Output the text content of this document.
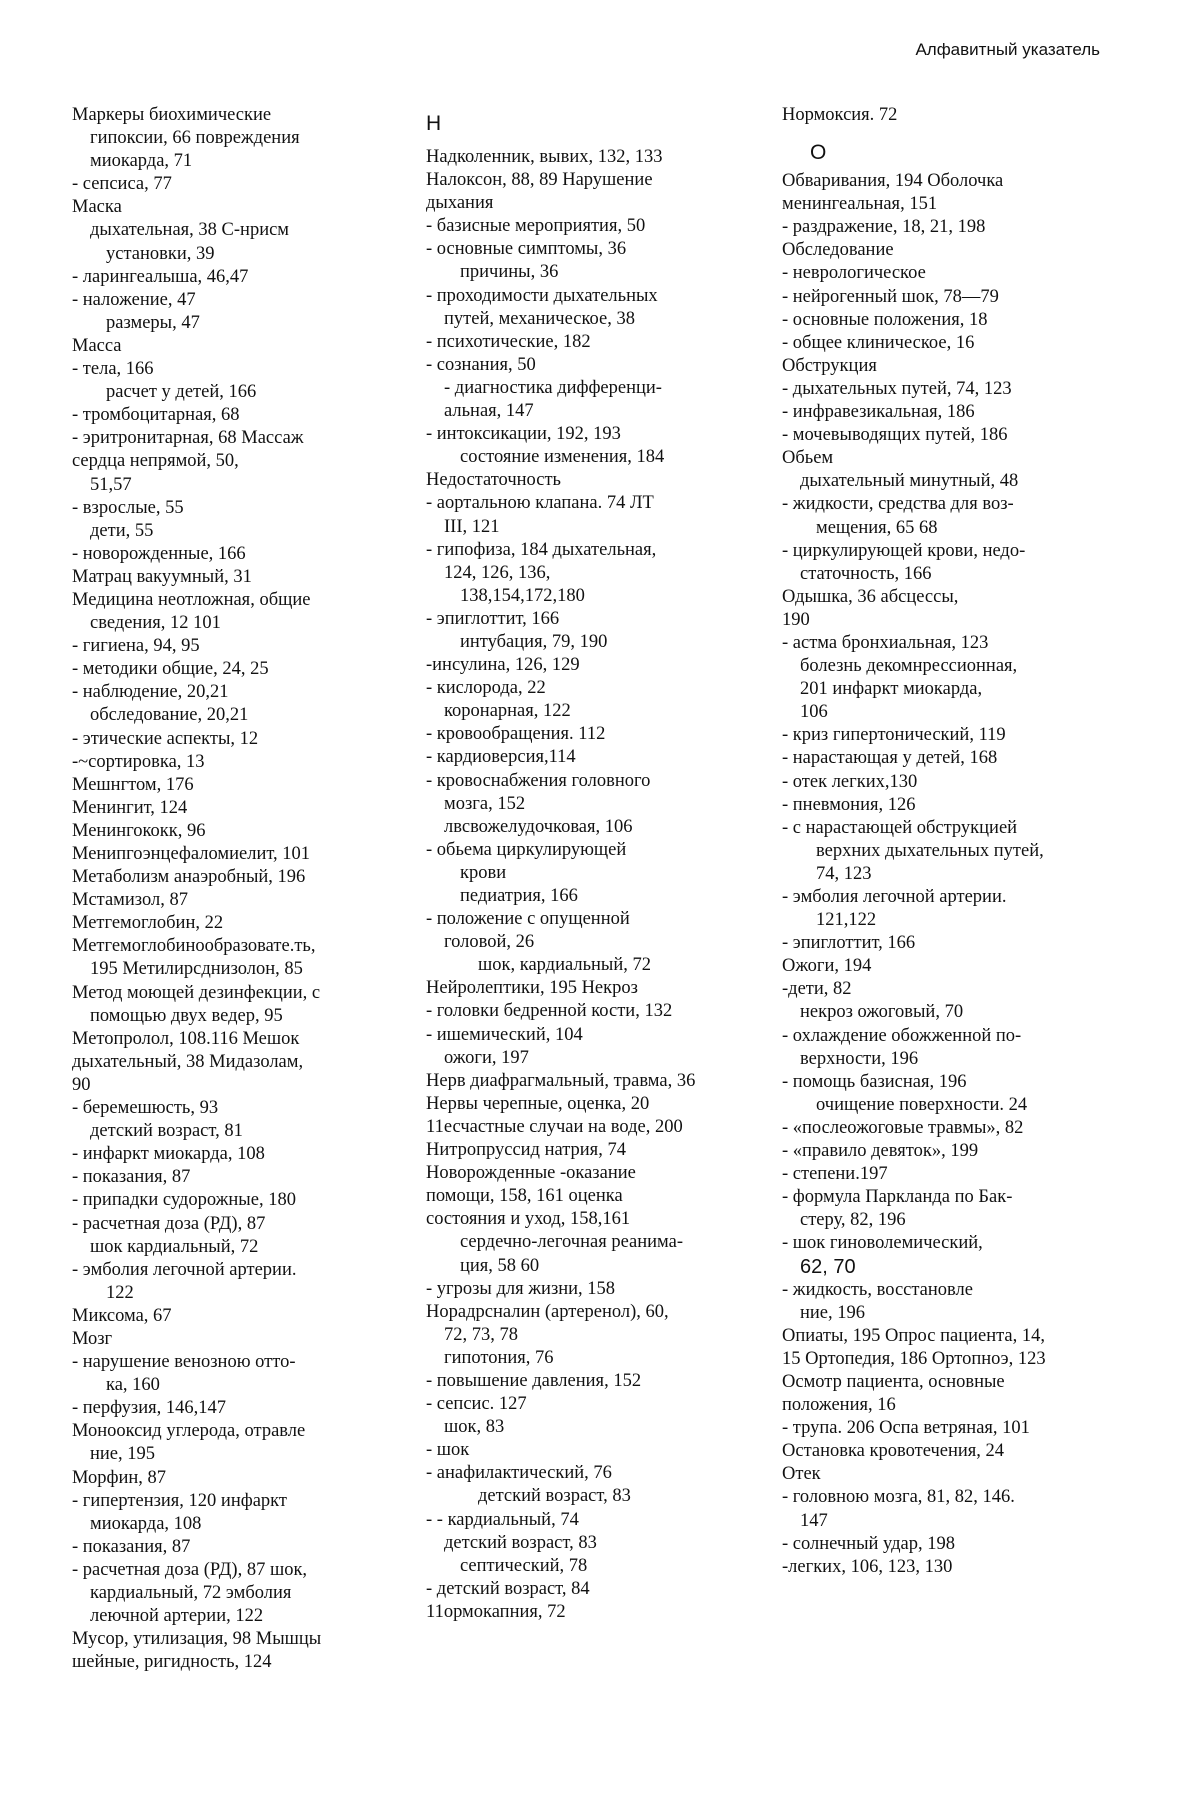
Алфавитный указатель
Маркеры биохимические
гипоксии, 66 повреждения
миокарда, 71
- сепсиса, 77
Маска
дыхательная, 38 С-нрисм
установки, 39
- ларингеалыша, 46,47
- наложение, 47
размеры, 47
Масса
- тела, 166
расчет у детей, 166
- тромбоцитарная, 68
- эритронитарная, 68 Массаж
сердца непрямой, 50,
51,57
- взрослые, 55
дети, 55
- новорожденные, 166
Матрац вакуумный, 31
Медицина неотложная, общие
сведения, 12 101
- гигиена, 94, 95
- методики общие, 24, 25
- наблюдение, 20,21
обследование, 20,21
- этические аспекты, 12
-~сортировка, 13
Мешнгтом, 176
Менингит, 124
Менингококк, 96
Менипгоэнцефаломиелит, 101
Метаболизм анаэробный, 196
Мстамизол, 87
Метгемоглобин, 22
Метгемоглобинообразовате.ть,
195 Метилирсднизолон, 85
Метод моющей дезинфекции, с
помощью двух ведер, 95
Метопролол, 108.116 Мешок
дыхательный, 38 Мидазолам,
90
- беремешюсть, 93
детский возраст, 81
- инфаркт миокарда, 108
- показания, 87
- припадки судорожные, 180
- расчетная доза (РД), 87
шок кардиальный, 72
- эмболия легочной артерии.
122
Миксома, 67
Мозг
- нарушение венозною отто-
ка, 160
- перфузия, 146,147
Монооксид углерода, отравле
ние, 195
Морфин, 87
- гипертензия, 120 инфаркт
миокарда, 108
- показания, 87
- расчетная доза (РД), 87 шок,
кардиальный, 72 эмболия
леючной артерии, 122
Мусор, утилизация, 98 Мышцы
шейные, ригидность, 124
Н
Надколенник, вывих, 132, 133
Налоксон, 88, 89 Нарушение
дыхания
- базисные мероприятия, 50
- основные симптомы, 36
причины, 36
- проходимости дыхательных
путей, механическое, 38
- психотические, 182
- сознания, 50
- диагностика дифференци-
альная, 147
- интоксикации, 192, 193
состояние изменения, 184
Недостаточность
- аортальною клапана. 74 ЛТ
III, 121
- гипофиза, 184 дыхательная,
124, 126, 136,
138,154,172,180
- эпиглоттит, 166
интубация, 79, 190
-инсулина, 126, 129
- кислорода, 22
коронарная, 122
- кровообращения. 112
- кардиоверсия,114
- кровоснабжения головного
мозга, 152
лвсвожелудочковая, 106
- обьема циркулирующей
крови
педиатрия, 166
- положение с опущенной
головой, 26
шок, кардиальный, 72
Нейролептики, 195 Некроз
- головки бедренной кости, 132
- ишемический, 104
ожоги, 197
Нерв диафрагмальный, травма, 36
Нервы черепные, оценка, 20
11есчастные случаи на воде, 200
Нитропруссид натрия, 74
Новорожденные -оказание
помощи, 158, 161 оценка
состояния и уход, 158,161
сердечно-легочная реанима-
ция, 58 60
- угрозы для жизни, 158
Норадрсналин (артеренол), 60,
72, 73, 78
гипотония, 76
- повышение давления, 152
- сепсис. 127
шок, 83
- шок
- анафилактический, 76
детский возраст, 83
- - кардиальный, 74
детский возраст, 83
септический, 78
- детский возраст, 84
11ормокапния, 72
Нормоксия. 72
О
Обваривания, 194 Оболочка
менингеальная, 151
- раздражение, 18, 21, 198
Обследование
- неврологическое
- нейрогенный шок, 78—79
- основные положения, 18
- общее клиническое, 16
Обструкция
- дыхательных путей, 74, 123
- инфравезикальная, 186
- мочевыводящих путей, 186
Обьем
дыхательный минутный, 48
- жидкости, средства для воз-
мещения, 65 68
- циркулирующей крови, недо-
статочность, 166
Одышка, 36 абсцессы,
190
- астма бронхиальная, 123
болезнь декомнрессионная,
201 инфаркт миокарда,
106
- криз гипертонический, 119
- нарастающая у детей, 168
- отек легких,130
- пневмония, 126
- с нарастающей обструкцией
верхних дыхательных путей,
74, 123
- эмболия легочной артерии.
121,122
- эпиглоттит, 166
Ожоги, 194
-дети, 82
некроз ожоговый, 70
- охлаждение обожженной по-
верхности, 196
- помощь базисная, 196
очищение поверхности. 24
- «послеожоговые травмы», 82
- «правило девяток», 199
- степени.197
- формула Паркланда по Бак-
стеру, 82, 196
- шок гиноволемический,
62, 70
- жидкость, восстановле
ние, 196
Опиаты, 195 Опрос пациента, 14,
15 Ортопедия, 186 Ортопноэ, 123
Осмотр пациента, основные
положения, 16
- трупа. 206 Оспа ветряная, 101
Остановка кровотечения, 24
Отек
- головною мозга, 81, 82, 146.
147
- солнечный удар, 198
-легких, 106, 123, 130
